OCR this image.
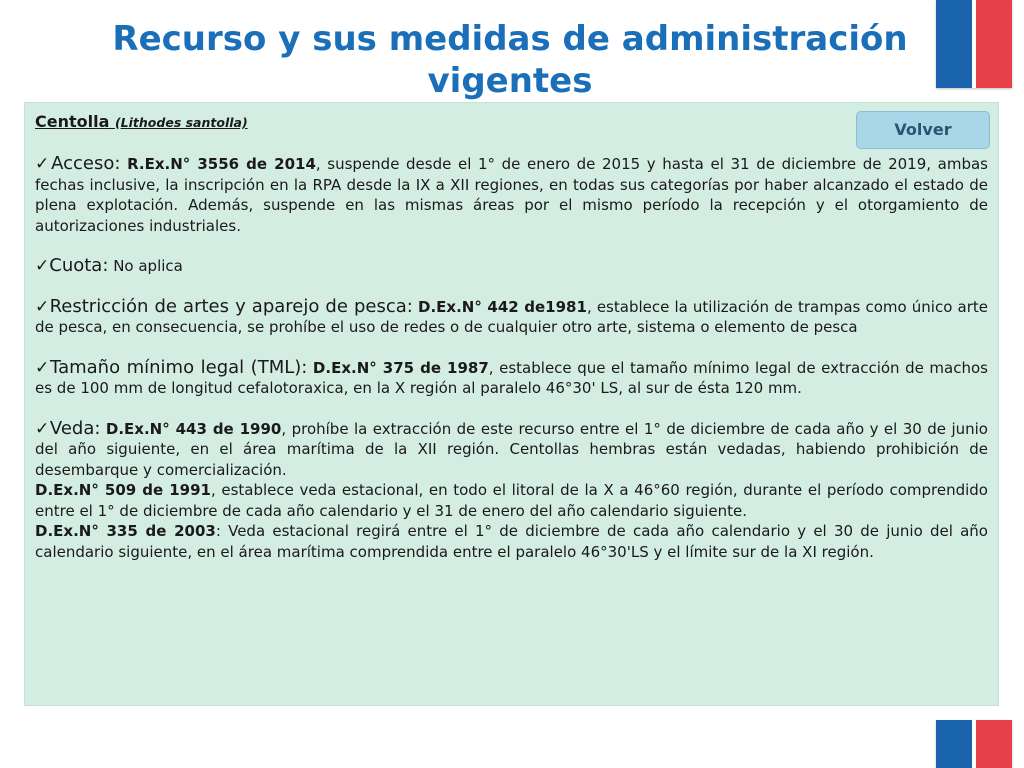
Recurso y sus medidas de administración vigentes
Volver

Centolla (Lithodes santolla)

✓Acceso: R.Ex.N° 3556 de 2014, suspende desde el 1° de enero de 2015 y hasta el 31 de diciembre de 2019, ambas fechas inclusive, la inscripción en la RPA desde la IX a XII regiones, en todas sus categorías por haber alcanzado el estado de plena explotación. Además, suspende en las mismas áreas por el mismo período la recepción y el otorgamiento de autorizaciones industriales.

✓Cuota: No aplica

✓Restricción de artes y aparejo de pesca: D.Ex.N° 442 de1981, establece la utilización de trampas como único arte de pesca, en consecuencia, se prohíbe el uso de redes o de cualquier otro arte, sistema o elemento de pesca

✓Tamaño mínimo legal (TML): D.Ex.N° 375 de 1987, establece que el tamaño mínimo legal de extracción de machos es de 100 mm de longitud cefalotoraxica, en la X región al paralelo 46°30' LS, al sur de ésta 120 mm.

✓Veda: D.Ex.N° 443 de 1990, prohíbe la extracción de este recurso entre el 1° de diciembre de cada año y el 30 de junio del año siguiente, en el área marítima de la XII región. Centollas hembras están vedadas, habiendo prohibición de desembarque y comercialización.

D.Ex.N° 509 de 1991, establece veda estacional, en todo el litoral de la X a 46°60 región, durante el período comprendido entre el 1° de diciembre de cada año calendario y el 31 de enero del año calendario siguiente.

D.Ex.N° 335 de 2003: Veda estacional regirá entre el 1° de diciembre de cada año calendario y el 30 de junio del año calendario siguiente, en el área marítima comprendida entre el paralelo 46°30'LS y el límite sur de la XI región.
